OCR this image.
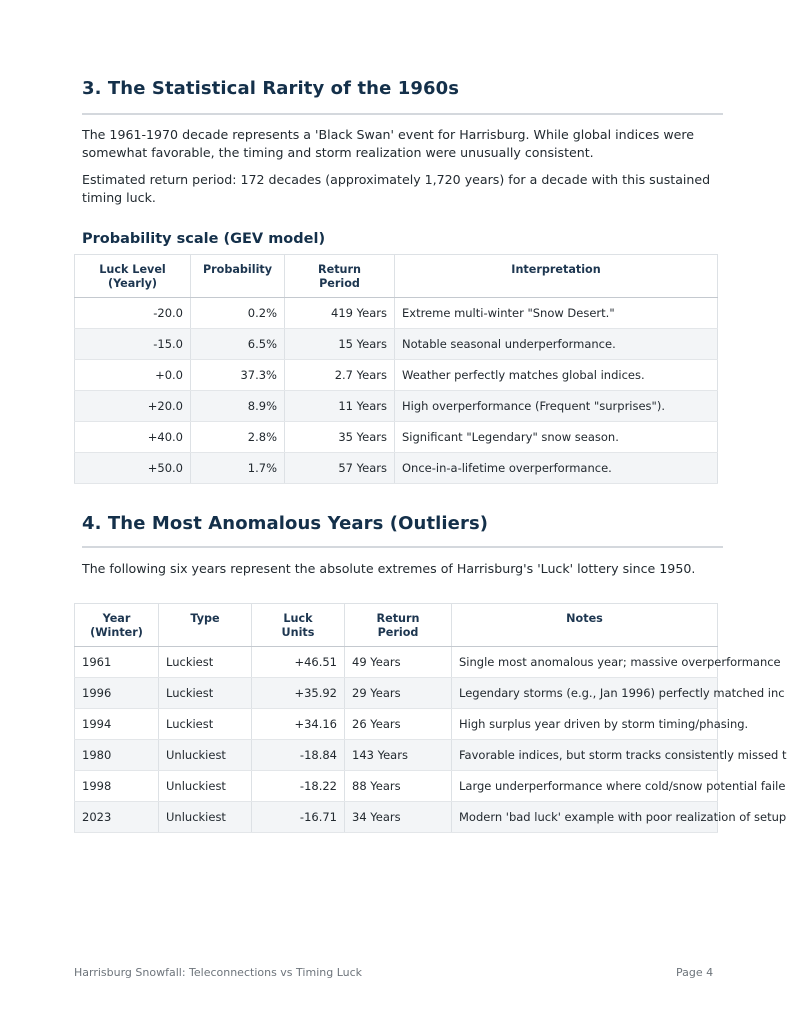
3. The Statistical Rarity of the 1960s

The 1961-1970 decade represents a 'Black Swan' event for Harrisburg. While global indices were somewhat favorable, the timing and storm realization were unusually consistent.

Estimated return period: 172 decades (approximately 1,720 years) for a decade with this sustained timing luck.

Probability scale (GEV model)
Luck Level (Yearly)	Probability	Return Period	Interpretation
-20.0	0.2%	419 Years	Extreme multi-winter "Snow Desert."
-15.0	6.5%	15 Years	Notable seasonal underperformance.
+0.0	37.3%	2.7 Years	Weather perfectly matches global indices.
+20.0	8.9%	11 Years	High overperformance (Frequent "surprises").
+40.0	2.8%	35 Years	Significant "Legendary" snow season.
+50.0	1.7%	57 Years	Once-in-a-lifetime overperformance.
4. The Most Anomalous Years (Outliers)

The following six years represent the absolute extremes of Harrisburg's 'Luck' lottery since 1950.

Year (Winter)	Type	Luck Units	Return Period	Notes
1961	Luckiest	+46.51	49 Years	Single most anomalous year; massive overperformance
1996	Luckiest	+35.92	29 Years	Legendary storms (e.g., Jan 1996) perfectly matched inc
1994	Luckiest	+34.16	26 Years	High surplus year driven by storm timing/phasing.
1980	Unluckiest	-18.84	143 Years	Favorable indices, but storm tracks consistently missed t
1998	Unluckiest	-18.22	88 Years	Large underperformance where cold/snow potential faile
2023	Unluckiest	-16.71	34 Years	Modern 'bad luck' example with poor realization of setup
Harrisburg Snowfall: Teleconnections vs Timing Luck	Page 4
